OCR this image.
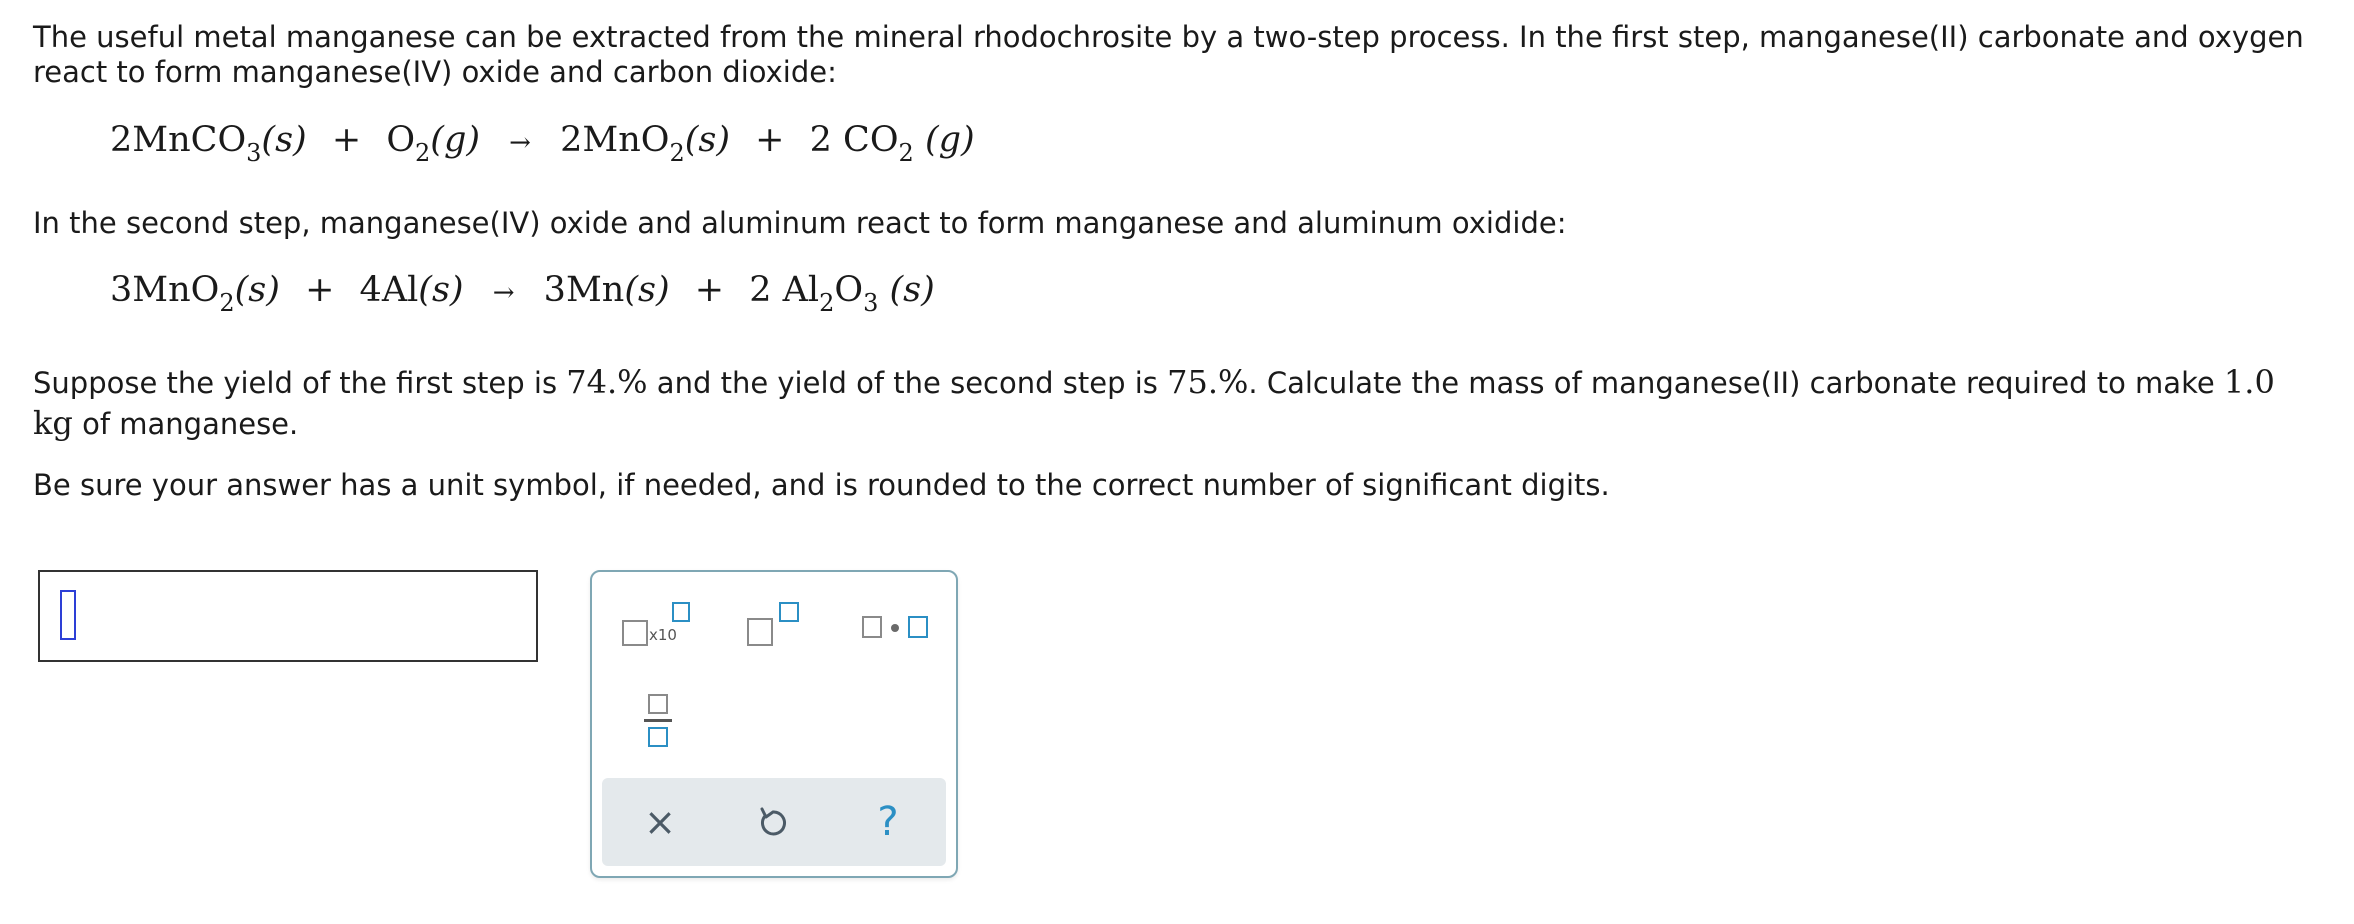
The useful metal manganese can be extracted from the mineral rhodochrosite by a two-step process. In the first step, manganese(II) carbonate and oxygen react to form manganese(IV) oxide and carbon dioxide:

2MnCO$_3$(s) + $O_2(g) \to 2MnO_2(s) + 2$ $CO_2$ (g)

In the second step, manganese(IV) oxide and aluminum react to form manganese and aluminum oxidide:

3MnO$_2$(s) + 4Al(s) → 3Mn(s) + 2 $Al_2O_3$ (s)

Suppose the yield of the first step is 74.% and the yield of the second step is 75.%. Calculate the mass of manganese(II) carbonate required to make 1.0 kg of manganese.

Be sure your answer has a unit symbol, if needed, and is rounded to the correct number of significant digits.

x10
×	?
